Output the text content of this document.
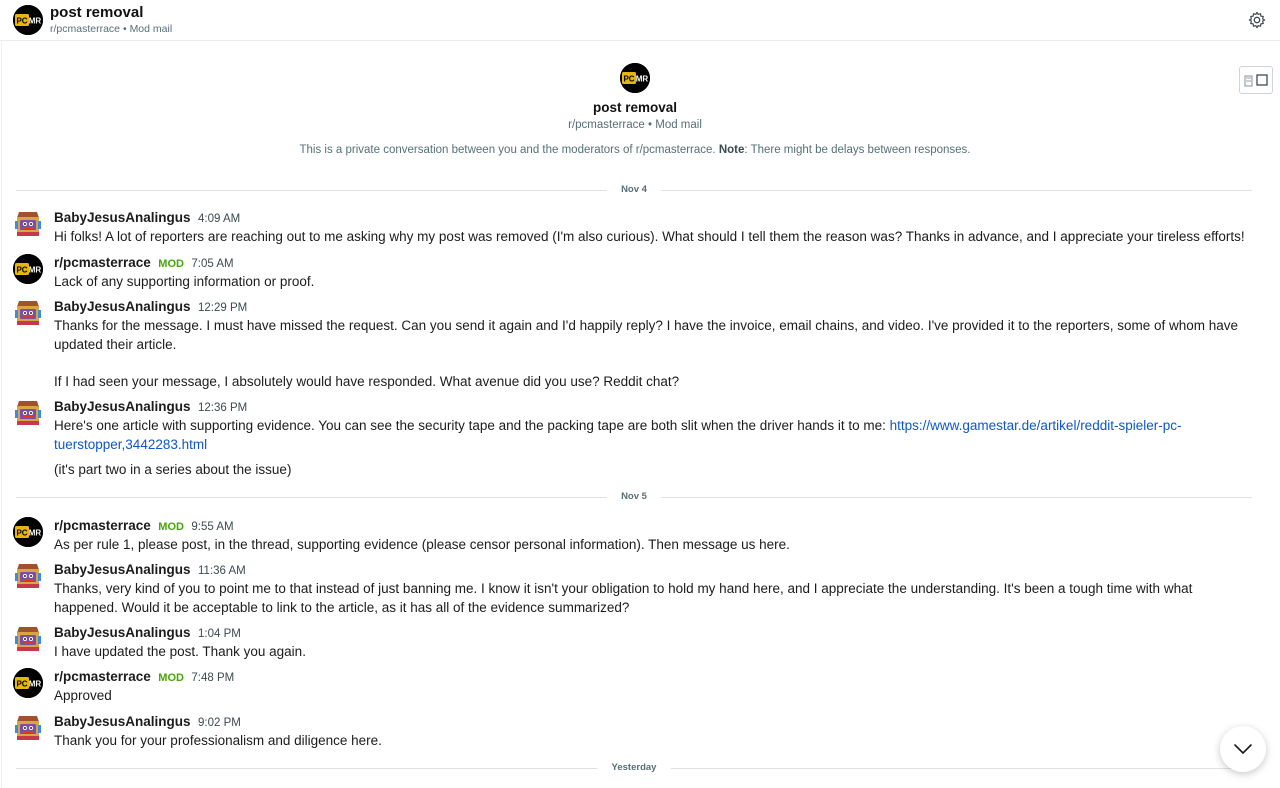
post removal
r/pcmasterrace • Mod mail
post removal
r/pcmasterrace • Mod mail
This is a private conversation between you and the moderators of r/pcmasterrace. Note: There might be delays between responses.
Nov 4
BabyJesusAnalingus 4:09 AM

Hi folks! A lot of reporters are reaching out to me asking why my post was removed (I'm also curious). What should I tell them the reason was? Thanks in advance, and I appreciate your tireless efforts!

r/pcmasterrace MOD 7:05 AM

Lack of any supporting information or proof.

BabyJesusAnalingus 12:29 PM

Thanks for the message. I must have missed the request. Can you send it again and I'd happily reply? I have the invoice, email chains, and video. I've provided it to the reporters, some of whom have updated their article.

If I had seen your message, I absolutely would have responded. What avenue did you use? Reddit chat?

BabyJesusAnalingus 12:36 PM

Here's one article with supporting evidence. You can see the security tape and the packing tape are both slit when the driver hands it to me: https://www.gamestar.de/artikel/reddit-spieler-pc-tuerstopper,3442283.html

(it's part two in a series about the issue)

Nov 5
r/pcmasterrace MOD 9:55 AM

As per rule 1, please post, in the thread, supporting evidence (please censor personal information). Then message us here.

BabyJesusAnalingus 11:36 AM

Thanks, very kind of you to point me to that instead of just banning me. I know it isn't your obligation to hold my hand here, and I appreciate the understanding. It's been a tough time with what happened. Would it be acceptable to link to the article, as it has all of the evidence summarized?

BabyJesusAnalingus 1:04 PM

I have updated the post. Thank you again.

r/pcmasterrace MOD 7:48 PM

Approved

BabyJesusAnalingus 9:02 PM

Thank you for your professionalism and diligence here.

Yesterday
